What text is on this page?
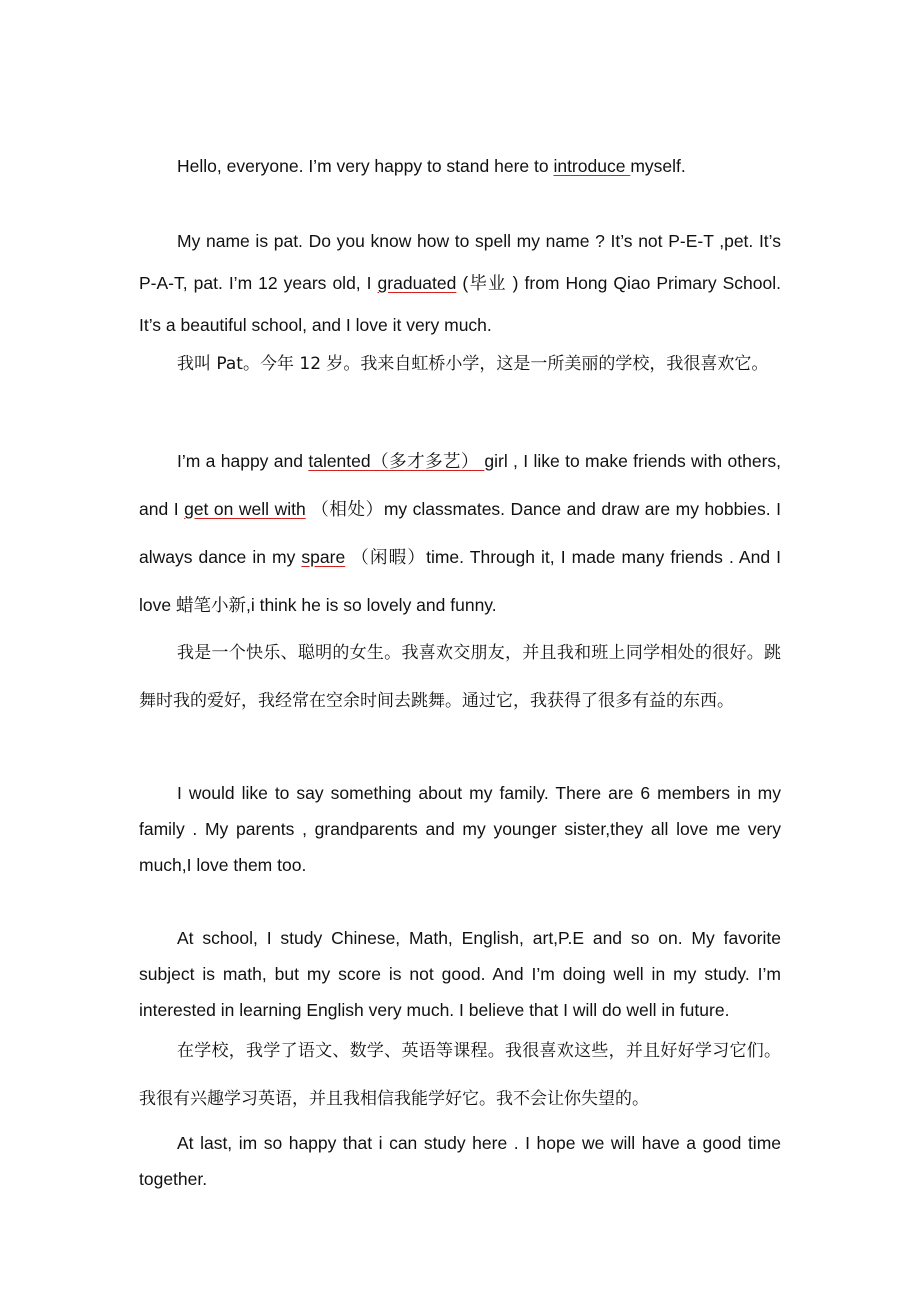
Hello, everyone. I’m very happy to stand here to introduce myself.

My name is pat. Do you know how to spell my name ? It’s not P-E-T ,pet. It’s P-A-T, pat. I’m 12 years old, I graduated (毕业 ) from Hong Qiao Primary School. It’s a beautiful school, and I love it very much.

我叫 Pat。今年 12 岁。我来自虹桥小学，这是一所美丽的学校，我很喜欢它。

I’m a happy and talented（多才多艺） girl , I like to make friends with others, and I get on well with （相处）my classmates. Dance and draw are my hobbies. I always dance in my spare （闲暇）time. Through it, I made many friends . And I love 蜡笔小新,i think he is so lovely and funny.

我是一个快乐、聪明的女生。我喜欢交朋友，并且我和班上同学相处的很好。跳舞时我的爱好，我经常在空余时间去跳舞。通过它，我获得了很多有益的东西。

I would like to say something about my family. There are 6 members in my family . My parents , grandparents and my younger sister,they all love me very much,I love them too.

At school, I study Chinese, Math, English, art,P.E and so on. My favorite subject is math, but my score is not good. And I’m doing well in my study. I’m interested in learning English very much. I believe that I will do well in future.

在学校，我学了语文、数学、英语等课程。我很喜欢这些，并且好好学习它们。我很有兴趣学习英语，并且我相信我能学好它。我不会让你失望的。

At last, im so happy that i can study here . I hope we will have a good time together.
